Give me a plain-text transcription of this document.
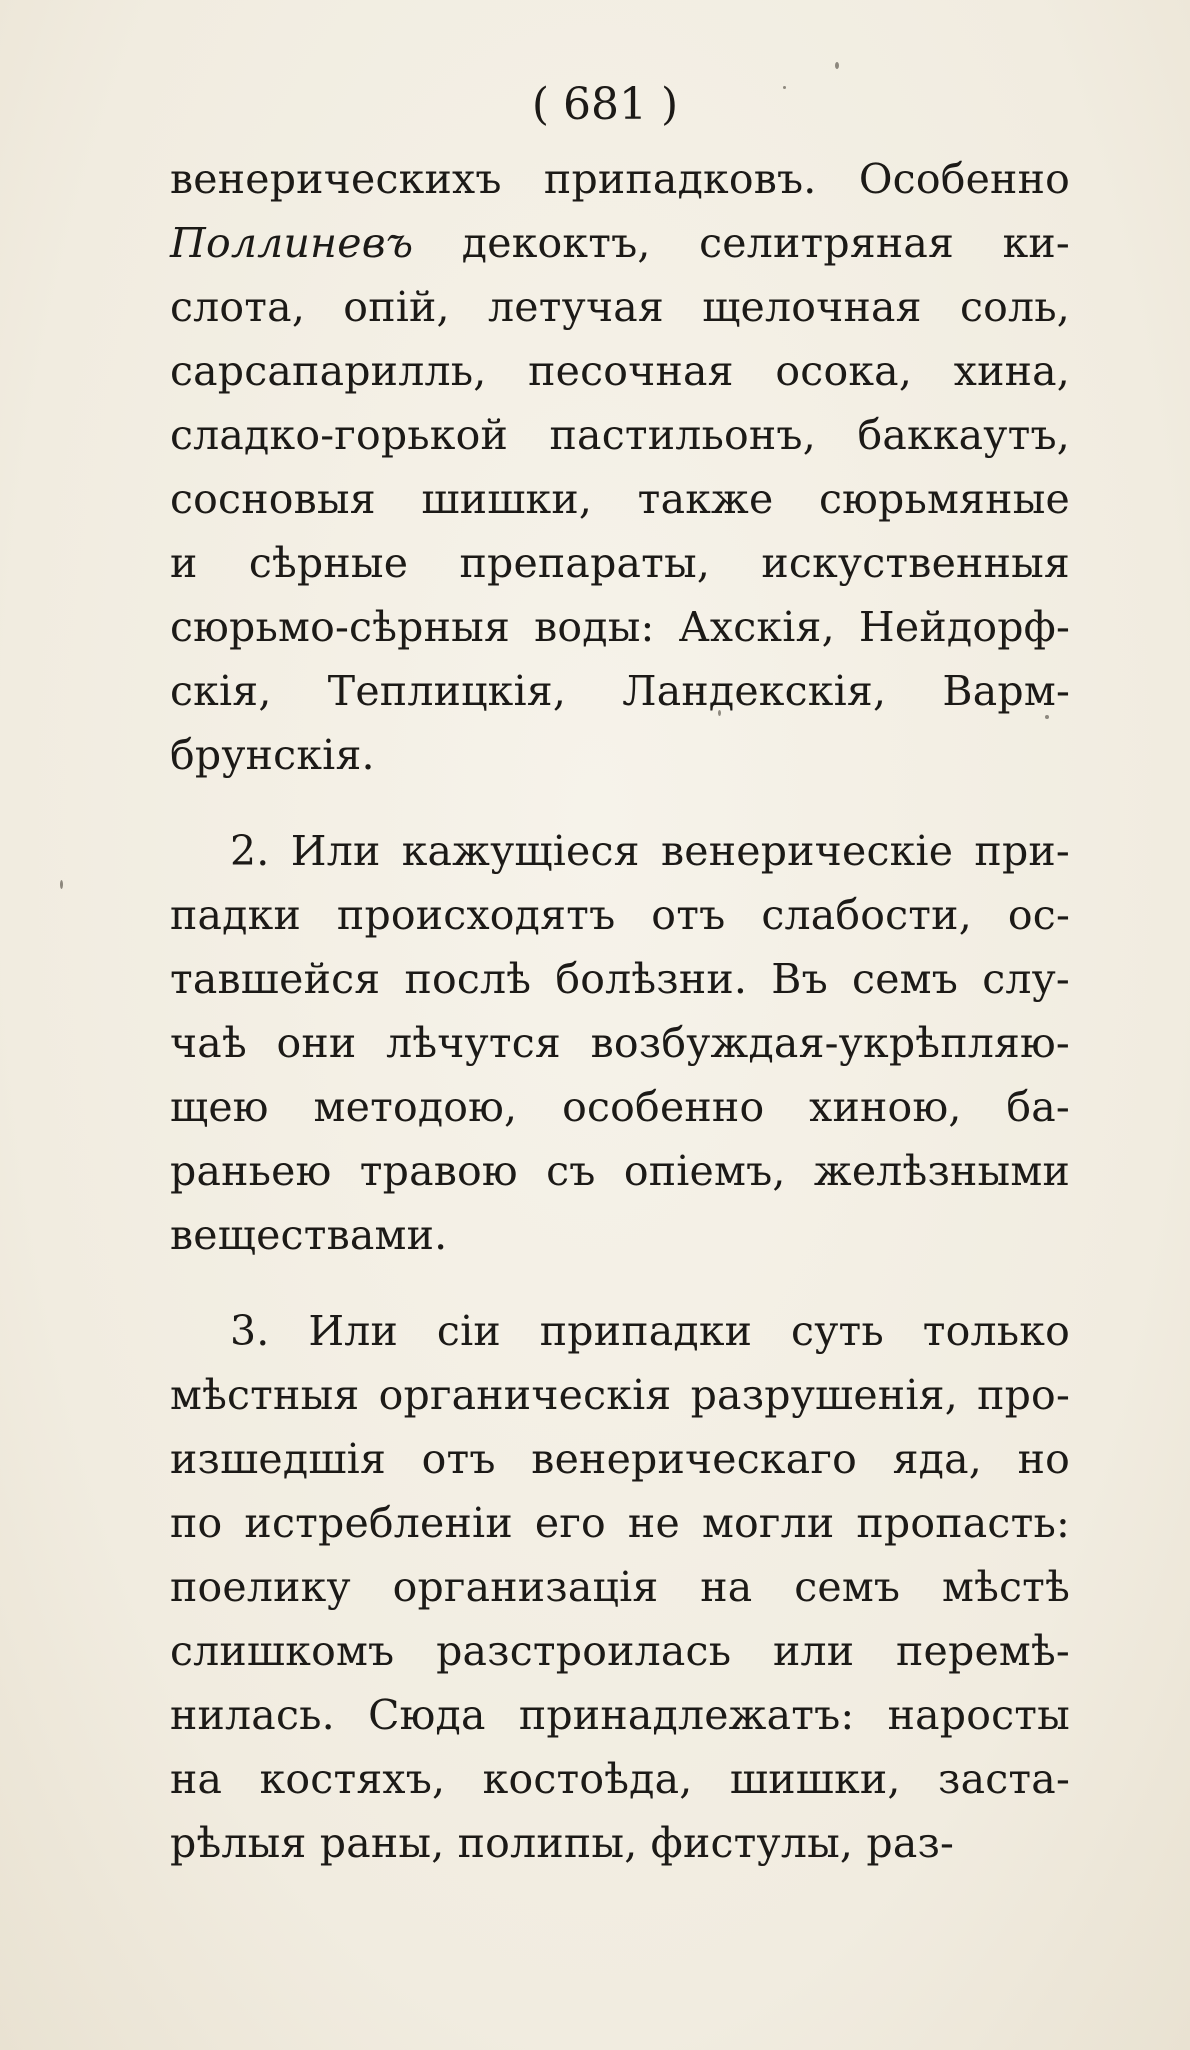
( 681 )
венерическихъ припадковъ. Особенно
Поллиневъ декоктъ, селитряная ки-
слота, опій, летучая щелочная соль,
сарсапарилль, песочная осока, хина,
сладко-горькой пастильонъ, баккаутъ,
сосновыя шишки, также сюрьмяные
и сѣрные препараты, искуственныя
сюрьмо-сѣрныя воды: Ахскія, Нейдорф-
скія, Теплицкія, Ландекскія, Варм-
брунскія.
2. Или кажущіеся венерическіе при-
падки происходятъ отъ слабости, ос-
тавшейся послѣ болѣзни. Въ семъ слу-
чаѣ они лѣчутся возбуждая-укрѣпляю-
щею методою, особенно хиною, ба-
раньею травою съ опіемъ, желѣзными
веществами.
3. Или сіи припадки суть только
мѣстныя органическія разрушенія, про-
изшедшія отъ венерическаго яда, но
по истребленіи его не могли пропасть:
поелику организація на семъ мѣстѣ
слишкомъ разстроилась или перемѣ-
нилась. Сюда принадлежатъ: наросты
на костяхъ, костоѣда, шишки, заста-
рѣлыя раны, полипы, фистулы, раз-
